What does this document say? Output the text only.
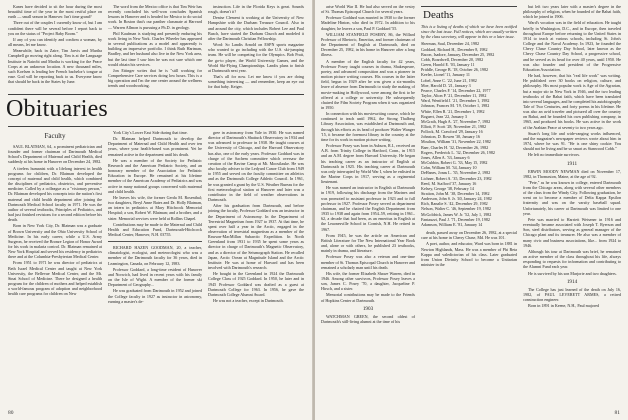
Kanes have decided to sit the hour during the most beautiful time of the year in the most restful place on earth — small season in Hanover. Isn't time grand?

Three out of the couples I currently know of, but I am confident there will be several before I report back to you on the status of "Project Baby Boom."

If any of you can identify and confirm a woman, by all means, let me know.

Meanwhile, back in Zaire, Tim Jarvis and Martha Campbell go moving right along. Tim is at the Language Institute in Nairobi and Martha is working for the Peace Corps at an unknown location. A new thousand miles, such Koelsen is leading her French bachelor's tongue at ease. God will be reporting back to us. Everyone know that should be back in the States by June.

The word from the Mexico office is that Tim Weir has recently concluded his well-won concludes Spanish lessons in Hanover and is headed for Mexico to do social work. In Boston that's our panther classmate at Harvard — Warren Allmon is pursuing a Ph.D. in geology.

Phil Kaufman is studying and presently enduring his work living in New York. Charles Wheeler has appeared in several publications as a model and apparently is building an impressive portfolio. I think Ruth Hartman, Bradley, and her husband also live in the New York area, but the last time I saw him he was not sure which one would obtain his services.

Jon Ettinger writes that he is "still working for Comprehensive Care services doing low hours. This is a big operation and I'm the one center around the wellness trends and woodworking.

instruction. Life in the Florida Keys is great. Sounds rough, doesn't it?

Denise Clement is working at the University of New Hampshire with the Durham Treasure Council. Also in and around the city, which includes Robert Lee and Paul Busch, have started the Durham Church and modeled it after the Dartmouth Christian Fellowship.

Word: So Landis Arnold on ESPN sports magazine who wanted to go including with the U.S. ski-jumping team. He will be competing for the Olympics. Bob Pratt, the go-to player, the World University Games, and the World Ski-Flying Championships. Landis plans to finish at Dartmouth next year.

That's all for now. Let me know if you are doing something interesting — and remember, keep an eye out for that baby. Keiger.

Obituaries
Faculty

SAUL BLATMAN, 64, a prominent pediatrician and founder and former chairman of Dartmouth Medical School's Department of Maternal and Child Health, died suddenly at his home in Hanover on December 24, 1982.

A tireless humanist with a lifelong interest in health programs for children, Dr. Blatman developed the concept of maternal and child health, which combined the disciplines of pediatrics, obstetrics, and preventive medicine. Called by a colleague as a "visionary person," Dr. Blatman developed his concepts into the nation's first maternal and child health department after joining the Dartmouth Medical School faculty in 1971. He was the author of several textbooks, Principles of Pediatrics, and had just finished revisions for a second edition before his death.

Born in New York City, Dr. Blatman was a graduate of Brown University and the Ohio University School of Medicine. In his early career, while a U.S. Army Surgeon, he received the Bronze Legion of Honor Award for his work in malaria control. Dr. Blatman remained at New York Hospital and served his residency in pediatrics there and at the Columbia-Presbyterian Medical Center.

From 1951 to 1971 he was director of pediatrics at Beth Israel Medical Center and taught at New York University, the Bellevue Medical Center, and the Mt. Sinai School of Medicine. There he designed a health program for the children of mothers and helped establish a world-famous program of adoption and neighborhood health care programs for children on New

York City's Lower East Side during that time.

Dr. Blatman helped Dartmouth to develop the Department of Maternal and Child Health and over ten years, where your health-based was prominent. Yet he remained active in the department until his death.

He was a member of the Society for Pediatric Research and the American Pediatric Society, and an honorary member of the Association for Pediatric Education in Europe. He remained at his lifetime member of the American Academy of Pediatrics and was active in many national groups concerned with maternal and child health.

He leaves his wife, the former Gerda M. Rosenthal; two daughters, Beryl Anne Bates and Dr. Holly Blatman, an intern in pediatrics at Mary Hitchcock Memorial Hospital; a son, Robert W. Blatman; and a brother, and a sister. Memorial services were held at Rollins Chapel.

Contributions may be made to the Maternal and Child Health and Education Fund, Dartmouth-Hitchcock Medical Center, Hanover, N.H. 03755.

RICHARD HAZEN GOODMAN, 20, a teacher, climatologist, ecologist, and meteorologist who was a member of the Dartmouth faculty for 36 years, died in Leamington, Canada, on February 12, 1983.

Professor Goddard, a long-time resident of Hanover and Norwich, had lived in recent years with his family on the Isle of Wight. A member of the former ski Department of Geography...

He was graduated from Dartmouth in 1952 and joined the College faculty in 1927 as instructor in astronomy, earning a master's de-

gree in astronomy from Yale in 1930. He was named director of Dartmouth's Shattuck Observatory in 1934 and was advanced to professor in 1938. He taught courses at the University of Chicago, and the Harvard Observatory has also, one of the early years. Professor Goddard was in charge of the Sachem committee which oversaw the creation of the Ravine Camp at Mt. Moosilauke. He was also faculty adviser to the Ledyard Canoe Club from 1949 to 1955 and served on the faculty committee on athletics and as the Dartmouth College Athletic Council. In 1961, he was granted a grant by the U.S. Weather Bureau for the first meteorological station at Hanover and later was a contributor in the field of weather observations in Dartmouth.

After his graduation from Dartmouth, and before joining the faculty, Professor Goddard was an instructor in the Department of Astronomy. In the Department of Terrestrial Magnetism from 1927 to 1937. At that time, he spent over half a year in the Arctic, engaged in the observation of terrestrial magnetism as a member of the Rawson-MacMillan Subarctic Expedition. In North Greenland from 1931 to 1935 he spent some years as director in charge of Dartmouth's Magnetic Observatory, and as a director of the Seismograph Station. He recalled Japan, Arctic Ocean at Magnitude Island and the Arctic Institute. He was at home of Harvard and has been involved with Dartmouth's research.

He bought in the Greenland in 1924 the Dartmouth College Class of 1925 Goddard. In 1950, he later and in 1945 Professor Goddard was drafted as a guest at Dartmouth College for 1963. In 1956, he gave the Dartmouth College Alumni Award.

He was not a teacher, except in Dartmouth.

80

arise World War II. He had also served on the vestry of St. Thomas Episcopal Church for several years.

Professor Goddard was married in 1930 to the former Madeline Hinton, who died in 1972. In addition to his daughter, he leaves a son, Paul P. Goddard '55.

WILLIAM STANFIELD POSEBY, 86, the Willard Professor of Rhetoric, Emeritus, and former chairman of the Department of English at Dartmouth, died on December 25, 1982, in his home in Hanover after a long illness.

A member of the English faculty for 42 years, Professor Posey taught courses in drama, Shakespeare, poetry, and advanced composition and was a pioneer in motion picture writing courses. His courses in the latter field, begun in 1929 after he was given a six-months leave of absence from Dartmouth to study the making of movie-making in Hollywood, were among the first to be offered at a college or university. He subsequently chaired the Film Society Program when it was organized in 1950.

In connection with his moviewriting course, which he continued to teach until 1962, the Strong Thalberg Library Association, was established at Dartmouth and, through his efforts as its head of producer Walter Wanger '15, it became the foremost library in the country at the time for its work in motion picture writing.

Professor Posey was born in Auburn, R.I., received an A.B. from Trinity College in Hartford, Conn., in 1915 and an A.M. degree from Harvard University. He began his teaching career as an instructor of English at Dartmouth in 1925. His teaching career at Dartmouth was only interrupted by World War I, when he enlisted in the Marine Corps in 1917, serving as a regimental lieutenant.

He was named an instructor in English at Dartmouth in 1919, following his discharge from the Marines and was promoted to assistant professor in 1923 and to full professor in 1927. Professor Posey served as department chairman, and he chaired the English Department from 1935 to 1938 and again from 1954–59, retiring in 1961–62, a decade that had been, as an emeritus in English at the Leaonesville School in Cornish, N.H. He retired in 1967.

From 1945, he was the article on American and British Literature for The New International Year Book and, alone or with others, he published 23 textbooks, mainly in drama, and literature.

Professor Posey was also a veteran and one-time member of St. Thomas Episcopal Church in Hanover and remained a scholarly man until his death.

His wife, the former Elizabeth Shawe Warren, died in 1946. Among other survivors, Professor Posey leaves a son, James C. Posey '70, a daughter, Jacqueline P. Hirsch, and a sister.

Memorial contributions may be made to the Friends of Hopkins Center at Dartmouth.

1903

WATCHMAN GREEN, the second oldest of Dartmouth's still-living alumni at the time of his

Deaths

This is a listing of deaths of which we have been notified since the last issue. Full notices, which are usually written by the class secretary, will appear in this or a later issue.

Sherman, Saul, December 24, 1982
Goddard, Richard H., December 8, 1982
Bacon, Isadore, January, December 25, 1982
Cobb, Boardwell, December 20, 1982
Green, Harold E. '03, January 11
Priddle, George B. '18, October 26, 1982
Keeler, Lionel '11, January 11
Lobel, Anne C. '22, June 21, 1982
Moe, Harold D. '21, January 3
Pearce, Charles F. '14, December 22, 1977
Taylor, Alton P. '21, December 11, 1982
Ward, Wentfield J. '21, December 1, 1982
Johnson, Frances M. '19, October 1, 1982
White, Ellen R. '21, December 1, 1982
Bogaert, Jean '22, January 3
McGrath, Hugh A. '27, November 7, 1982
Elliott, P. Scott '28, November 21, 1982
Pollock, M. Crawford '29, January 16
Johnston, D. Rowen '30, January 16
Moulton, William '31, November 22, 1982
Baer, Charles H. '32, December 26, 1982
Rogers, Frederick L. '32, December 26, 1982
Jones, Allen A. '33, January 6
McCubbin, Robert G. '33, May 15, 1982
Cohn, William M. '34, January 10
DeHanes, Jonas L. '35, November 2, 1982
Lichner, Robert A. '35, December 23, 1982
Reed, M. Stafford '37, January 16
Kelsey, George '38, February 14
Stratton, John M. '38, December 14, 1982
Anderson, John S. Jr. '40, January 24, 1982
Rich, Ranalie S. '42, December 29, 1982
Nelson, Walter C. '46, September 19, 1982
McGoldrick, James W. Jr. '52, July 1, 1982
Fantauzzi, Paul J. '71, December 19, 1982
Adamson, William E. '81, January 14

death, passed away on December 26, 1982, at a special care at his home in Cherry Chase, Md. He was 101.

A poet, author, and educator, Ward was born in 1881 in Newton Highlands, Mass. He was a member of Phi Beta Kappa and valedictorian of his class. Later graduated from Union Divinity School to become a Unitarian minister in the

but left two years later with a master's degree in the philosophy of religion, when he founded of the Bahai faith, which he joined in 1906.

Ward's vocation was in the field of education. He taught briefly in Washington, D.C., and in Europe, then traveled throughout Europe before returning to the United States in 1914 to teach at various schools, including St. John's College and the Naval Academy. In 1923, he founded the Chevy Chase Country Day School, later known as the Chevy Chase Country Day School, a progressive school, and he served as its head for over 40 years, until 1950. He was also founder and president of the Progressive Education Association.

He had, however, that his "real life work" was writing. He published over 30 books on religion, culture, and philosophy. His most popular work is Age of the Agrarian, but a major stir in New York in 1946, and the two leading textbooks of the Bahai faith, which have been translated into several languages, and he completed his autobiography Tale of Two Centuries, and forty poems in his lifetime. He was also an avid traveler and pictured all over the country on Bahai, and he founded his own publishing company, in 1965, and produced his books. He was active in the work of the Arabian Peace at seventy to two years ago.

Stuart's long life and wide-ranging works influenced, and the magazine's newspaper reviews wrote about him in 1974, where he was 91. "He is one shiny cookie: You should not be living and be so smart as Stanwood Cobb."

He left no immediate survivors.

1911

ERWIN MOODY NEWMAN died on November 17, 1982, in Thomaston, Maine, at the age of 92.

"Pete," as he was known in college, entered Dartmouth from the Chicago areas, along with several other members of the class from the Windy City. Following graduation, he went on to become a member of Delta Kappa Epsilon fraternity and was on the varsity baseball squad. Unfortunately, his career at Dartmouth was limited to one year.

Pete was married to Harriett Weisener in 1916 and eventually became associated with Joseph T. Ryerson and Son, steel distributors, serving as general manager of the Chicago plant and its treasurer. He also was a member of many civic and business associations, like... from 1924 to 1946.

Although his tour at Dartmouth was brief, he remained an active member of the class throughout his life, always responding to requests for information and contributing to the Alumni Fund each year.

He is survived by his son Marjorie and two daughters.

1914

The College has just learned of the death on July 16, 1982, of PAUL LEVERETT ARMES, a retired construction engineer.

Born in 1891 in Keene, N.H., Paul majored

81
